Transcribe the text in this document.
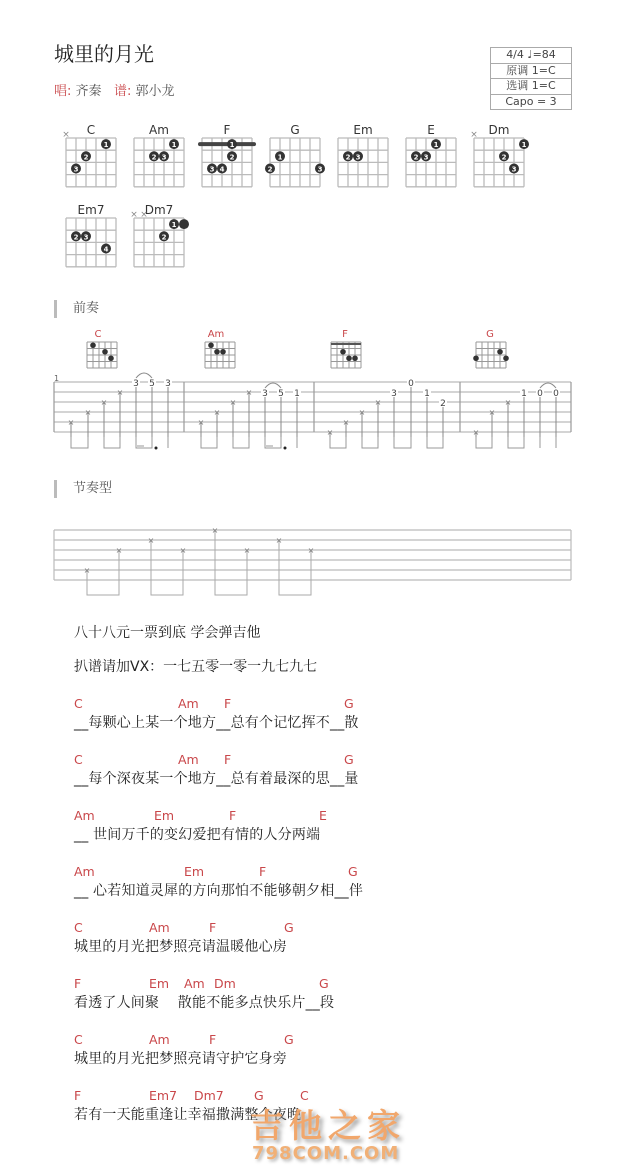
城里的月光
唱: 齐秦 谱: 郭小龙
4/4 ♩=84
原调 1=C
选调 1=C
Capo = 3
C	Am	F	G	Em	E	Dm
Em7	Dm7
×
1
2
3
1
2 3
1
2
3 4
1
2	3
2 3
1
2 3
×
1
2
3
2 3
4
× ×
1
2
前奏
C	Am	F	G
1
×
×
×
×
3 5 3
×
×
×
× 3 5 1
×
×
×
×
3
0
1
2
×
×
×
1 0 0
节奏型
×
×
×
×
×
×
×
×
八十八元一票到底 学会弹吉他
扒谱请加VX：一七五零一零一九七九七
C	Am F	G
__每颗心上某一个地方__总有个记忆挥不__散
C	Am F	G
__每个深夜某一个地方__总有着最深的思__量
Am	Em	F	E
__ 世间万千的变幻爱把有情的人分两端
Am	Em	F	G
__ 心若知道灵犀的方向那怕不能够朝夕相__伴
C	Am	F	G
城里的月光把梦照亮请温暖他心房
F	Em Am Dm	G
看透了人间聚    散能不能多点快乐片__段
C	Am	F	G
城里的月光把梦照亮请守护它身旁
F	Em7 Dm7 G	C
若有一天能重逢让幸福撒满整个夜晚
吉他之家
798COM.COM
